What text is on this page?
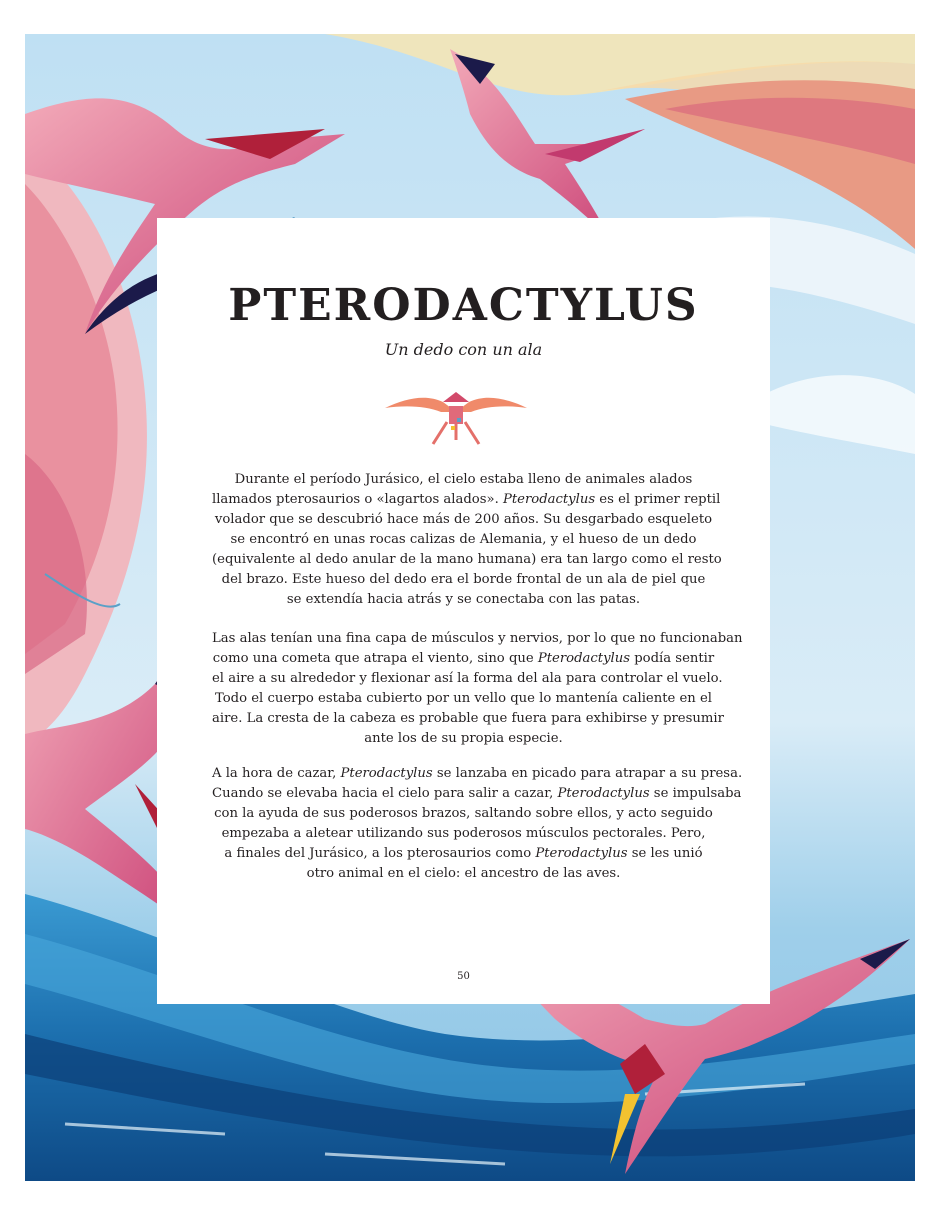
PTERODACTYLUS
Un dedo con un ala

Durante el período Jurásico, el cielo estaba lleno de animales alados
llamados pterosaurios o «lagartos alados». Pterodactylus es el primer reptil
volador que se descubrió hace más de 200 años. Su desgarbado esqueleto
se encontró en unas rocas calizas de Alemania, y el hueso de un dedo
(equivalente al dedo anular de la mano humana) era tan largo como el resto
del brazo. Este hueso del dedo era el borde frontal de un ala de piel que
se extendía hacia atrás y se conectaba con las patas.

Las alas tenían una fina capa de músculos y nervios, por lo que no funcionaban
como una cometa que atrapa el viento, sino que Pterodactylus podía sentir
el aire a su alrededor y flexionar así la forma del ala para controlar el vuelo.
Todo el cuerpo estaba cubierto por un vello que lo mantenía caliente en el
aire. La cresta de la cabeza es probable que fuera para exhibirse y presumir
ante los de su propia especie.

A la hora de cazar, Pterodactylus se lanzaba en picado para atrapar a su presa.
Cuando se elevaba hacia el cielo para salir a cazar, Pterodactylus se impulsaba
con la ayuda de sus poderosos brazos, saltando sobre ellos, y acto seguido
empezaba a aletear utilizando sus poderosos músculos pectorales. Pero,
a finales del Jurásico, a los pterosaurios como Pterodactylus se les unió
otro animal en el cielo: el ancestro de las aves.

50
